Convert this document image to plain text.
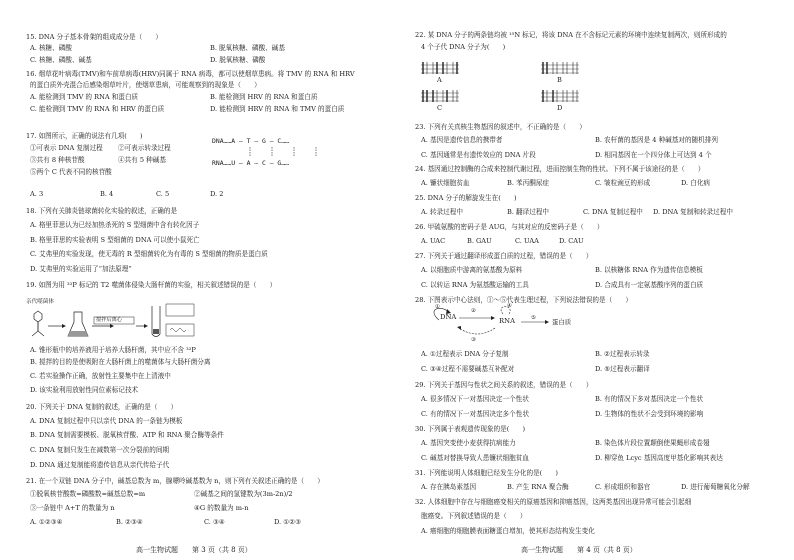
15. DNA 分子基本骨架的组成成分是（　　）
A. 核糖、磷酸	B. 脱氧核糖、磷酸、碱基
C. 核糖、磷酸、碱基	D. 脱氧核糖、磷酸
16. 烟草花叶病毒(TMV)和车前草病毒(HRV)同属于 RNA 病毒，都可以使烟草患病。将 TMV 的 RNA 和 HRV
的蛋白质外壳混合后感染烟草叶片，使烟草患病，可能观察到的现象是（　　）
A. 能检测到 TMV 的 RNA 和蛋白质	B. 能检测到 HRV 的 RNA 和蛋白质
C. 能检测到 TMV 的 RNA 和 HRV 的蛋白质	D. 能检测到 HRV 的 RNA 和 TMV 的蛋白质
17. 如图所示，正确的说法有几项(　　)
①可表示 DNA 复制过程 ②可表示转录过程
③共有 8 种核苷酸	④共有 5 种碱基
⑤两个 C 代表不同的核苷酸
DNA……A — T — G — C……
RNA……U — A — C — G……
A. 3	B. 4	C. 5	D. 2
18. 下列有关肺炎链球菌转化实验的叙述，正确的是
A. 格里菲思认为已经加热杀死的 S 型细菌中含有转化因子
B. 格里菲思的实验表明 S 型细菌的 DNA 可以使小鼠死亡
C. 艾弗里的实验发现，使无毒的 R 型细菌转化为有毒的 S 型细菌的物质是蛋白质
D. 艾弗里的实验运用了“加法原理”
19. 如图为用 ³²P 标记的 T2 噬菌体侵染大肠杆菌的实验，相关叙述错误的是（　　）
亲代噬菌体
搅拌后离心
A. 锥形瓶中的培养液用于培养大肠杆菌，其中应不含 ³²P
B. 搅拌的目的是使吸附在大肠杆菌上的噬菌体与大肠杆菌分离
C. 若实验操作正确，放射性主要集中在上清液中
D. 该实验利用放射性同位素标记技术
20. 下列关于 DNA 复制的叙述，正确的是（　　）
A. DNA 复制过程中只以亲代 DNA 的一条链为模板
B. DNA 复制需要模板、脱氧核苷酸、ATP 和 RNA 聚合酶等条件
C. DNA 复制只发生在减数第一次分裂前的间期
D. DNA 通过复制能将遗传信息从亲代传给子代
21. 在一个双链 DNA 分子中，碱基总数为 m，腺嘌呤碱基数为 n，则下列有关叙述正确的是（　　）
①脱氧核苷酸数=磷酸数=碱基总数=m	②碱基之间的氢键数为(3m-2n)/2
③一条链中 A+T 的数量为 n	④G 的数量为 m-n
A. ①②③④	B. ②③④	C. ③④	D. ①②③
高一生物试题　　第 3 页（共 8 页）
22. 某 DNA 分子的两条链均被 ¹⁵N 标记，将该 DNA 在不含标记元素的环境中连续复制两次，则所形成的
4 个子代 DNA 分子为(　　)
A	B
C	D
23. 下列有关真核生物基因的叙述中，不正确的是（　　）
A. 基因是遗传信息的携带者	B. 农杆菌的基因是 4 种碱基对的随机排列
C. 基因通常是有遗传效应的 DNA 片段	D. 相同基因在一个四分体上可达到 4 个
24. 基因通过控制酶的合成来控制代谢过程，进而控制生物的性状。下列不属于该途径的是（　　）
A. 镰状细胞贫血	B. 苯丙酮尿症	C. 皱粒豌豆的形成	D. 白化病
25. DNA 分子的解旋发生在(　　)
A. 转录过程中	B. 翻译过程中	C. DNA 复制过程中 D. DNA 复制和转录过程中
26. 甲硫氨酸的密码子是 AUG，与其对应的反密码子是（　　）
A. UAC	B. GAU	C. UAA	D. CAU
27. 下列关于通过翻译形成蛋白质的过程，错误的是（　　）
A. 以细胞质中游离的氨基酸为原料	B. 以核糖体 RNA 作为遗传信息模板
C. 以转运 RNA 为氨基酸运输的工具	D. 合成具有一定氨基酸序列的蛋白质
28. 下图表示中心法则，①～⑤代表生理过程，下列说法错误的是（　　）
DNA	RNA	蛋白质
①
②
③
④
⑤
A. ①过程表示 DNA 分子复制	B. ②过程表示转录
C. ③④过程不需要碱基互补配对	D. ⑤过程表示翻译
29. 下列关于基因与性状之间关系的叙述，错误的是（　　）
A. 很多情况下一对基因决定一个性状	B. 有的情况下多对基因决定一个性状
C. 有的情况下一对基因决定多个性状	D. 生物体的性状不会受到环境的影响
30. 下列属于表观遗传现象的是(　　)
A. 基因突变使小麦获得抗病能力	B. 染色体片段位置颠倒使果蝇形成卷翅
C. 碱基对替换导致人患镰状细胞贫血	D. 柳穿鱼 Lcyc 基因高度甲基化影响其表达
31. 下列能说明人体细胞已经发生分化的是(　　)
A. 存在胰岛素基因	B. 产生 RNA 聚合酶	C. 形成组织和器官	D. 进行葡萄糖氧化分解
32. 人体细胞中存在与细胞癌变相关的原癌基因和抑癌基因，这两类基因出现异常可能会引起细
胞癌变。下列叙述错误的是（　　）
A. 癌细胞的细胞膜表面糖蛋白增加，使其形态结构发生变化
高一生物试题　　第 4 页（共 8 页）
